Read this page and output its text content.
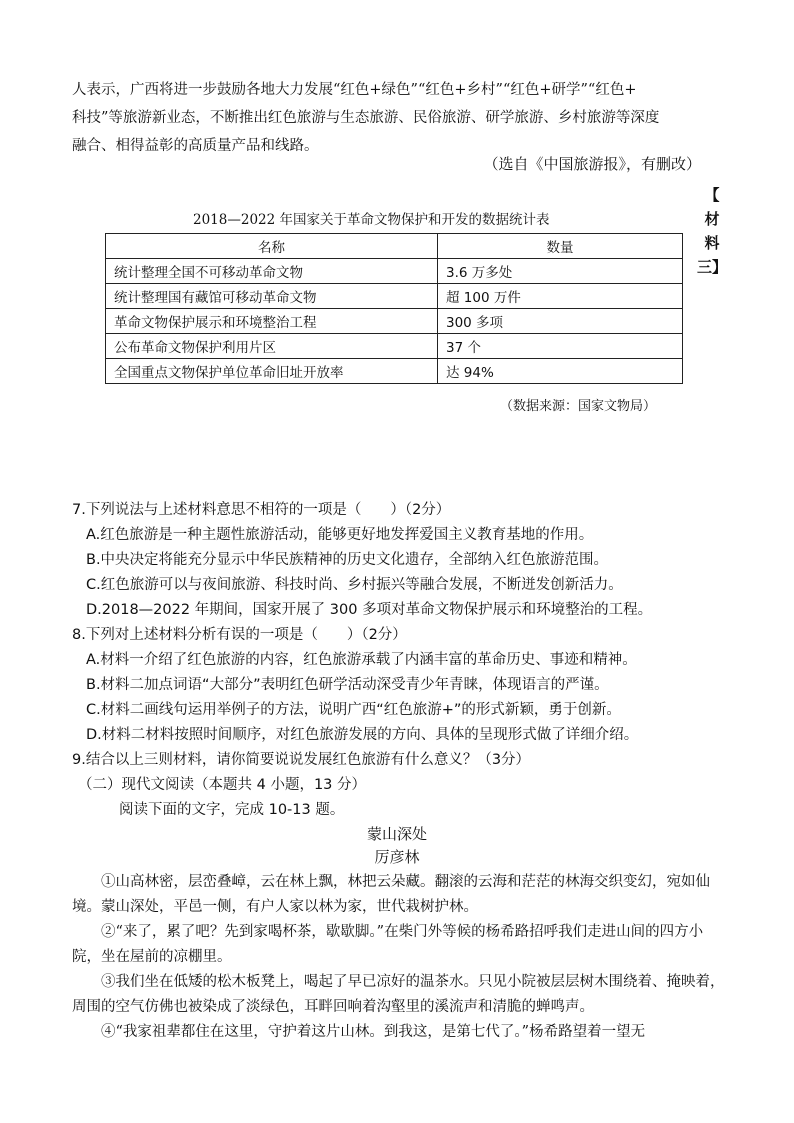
人表示，广西将进一步鼓励各地大力发展“红色+绿色”“红色+乡村”“红色+研学”“红色+
科技”等旅游新业态，不断推出红色旅游与生态旅游、民俗旅游、研学旅游、乡村旅游等深度
融合、相得益彰的高质量产品和线路。
（选自《中国旅游报》，有删改）
【
材
料
三】
2018—2022 年国家关于革命文物保护和开发的数据统计表
名称	数量
统计整理全国不可移动革命文物	3.6 万多处
统计整理国有藏馆可移动革命文物	超 100 万件
革命文物保护展示和环境整治工程	300 多项
公布革命文物保护利用片区	37 个
全国重点文物保护单位革命旧址开放率	达 94%
（数据来源：国家文物局）
7.下列说法与上述材料意思不相符的一项是（　　）（2分）
A.红色旅游是一种主题性旅游活动，能够更好地发挥爱国主义教育基地的作用。
B.中央决定将能充分显示中华民族精神的历史文化遗存，全部纳入红色旅游范围。
C.红色旅游可以与夜间旅游、科技时尚、乡村振兴等融合发展，不断迸发创新活力。
D.2018—2022 年期间，国家开展了 300 多项对革命文物保护展示和环境整治的工程。
8.下列对上述材料分析有误的一项是（　　）（2分）
A.材料一介绍了红色旅游的内容，红色旅游承载了内涵丰富的革命历史、事迹和精神。
B.材料二加点词语“大部分”表明红色研学活动深受青少年青睐，体现语言的严谨。
C.材料二画线句运用举例子的方法，说明广西“红色旅游+”的形式新颖，勇于创新。
D.材料二材料按照时间顺序，对红色旅游发展的方向、具体的呈现形式做了详细介绍。
9.结合以上三则材料，请你简要说说发展红色旅游有什么意义？（3分）
（二）现代文阅读（本题共 4 小题，13 分）
阅读下面的文字，完成 10-13 题。
蒙山深处
厉彦林
①山高林密，层峦叠嶂，云在林上飘，林把云朵藏。翻滚的云海和茫茫的林海交织变幻，宛如仙境。蒙山深处，平邑一侧，有户人家以林为家，世代栽树护林。
②“来了，累了吧？先到家喝杯茶，歇歇脚。”在柴门外等候的杨希路招呼我们走进山间的四方小院，坐在屋前的凉棚里。
③我们坐在低矮的松木板凳上，喝起了早已凉好的温茶水。只见小院被层层树木围绕着、掩映着，周围的空气仿佛也被染成了淡绿色，耳畔回响着沟壑里的溪流声和清脆的蝉鸣声。
④“我家祖辈都住在这里，守护着这片山林。到我这，是第七代了。”杨希路望着一望无
